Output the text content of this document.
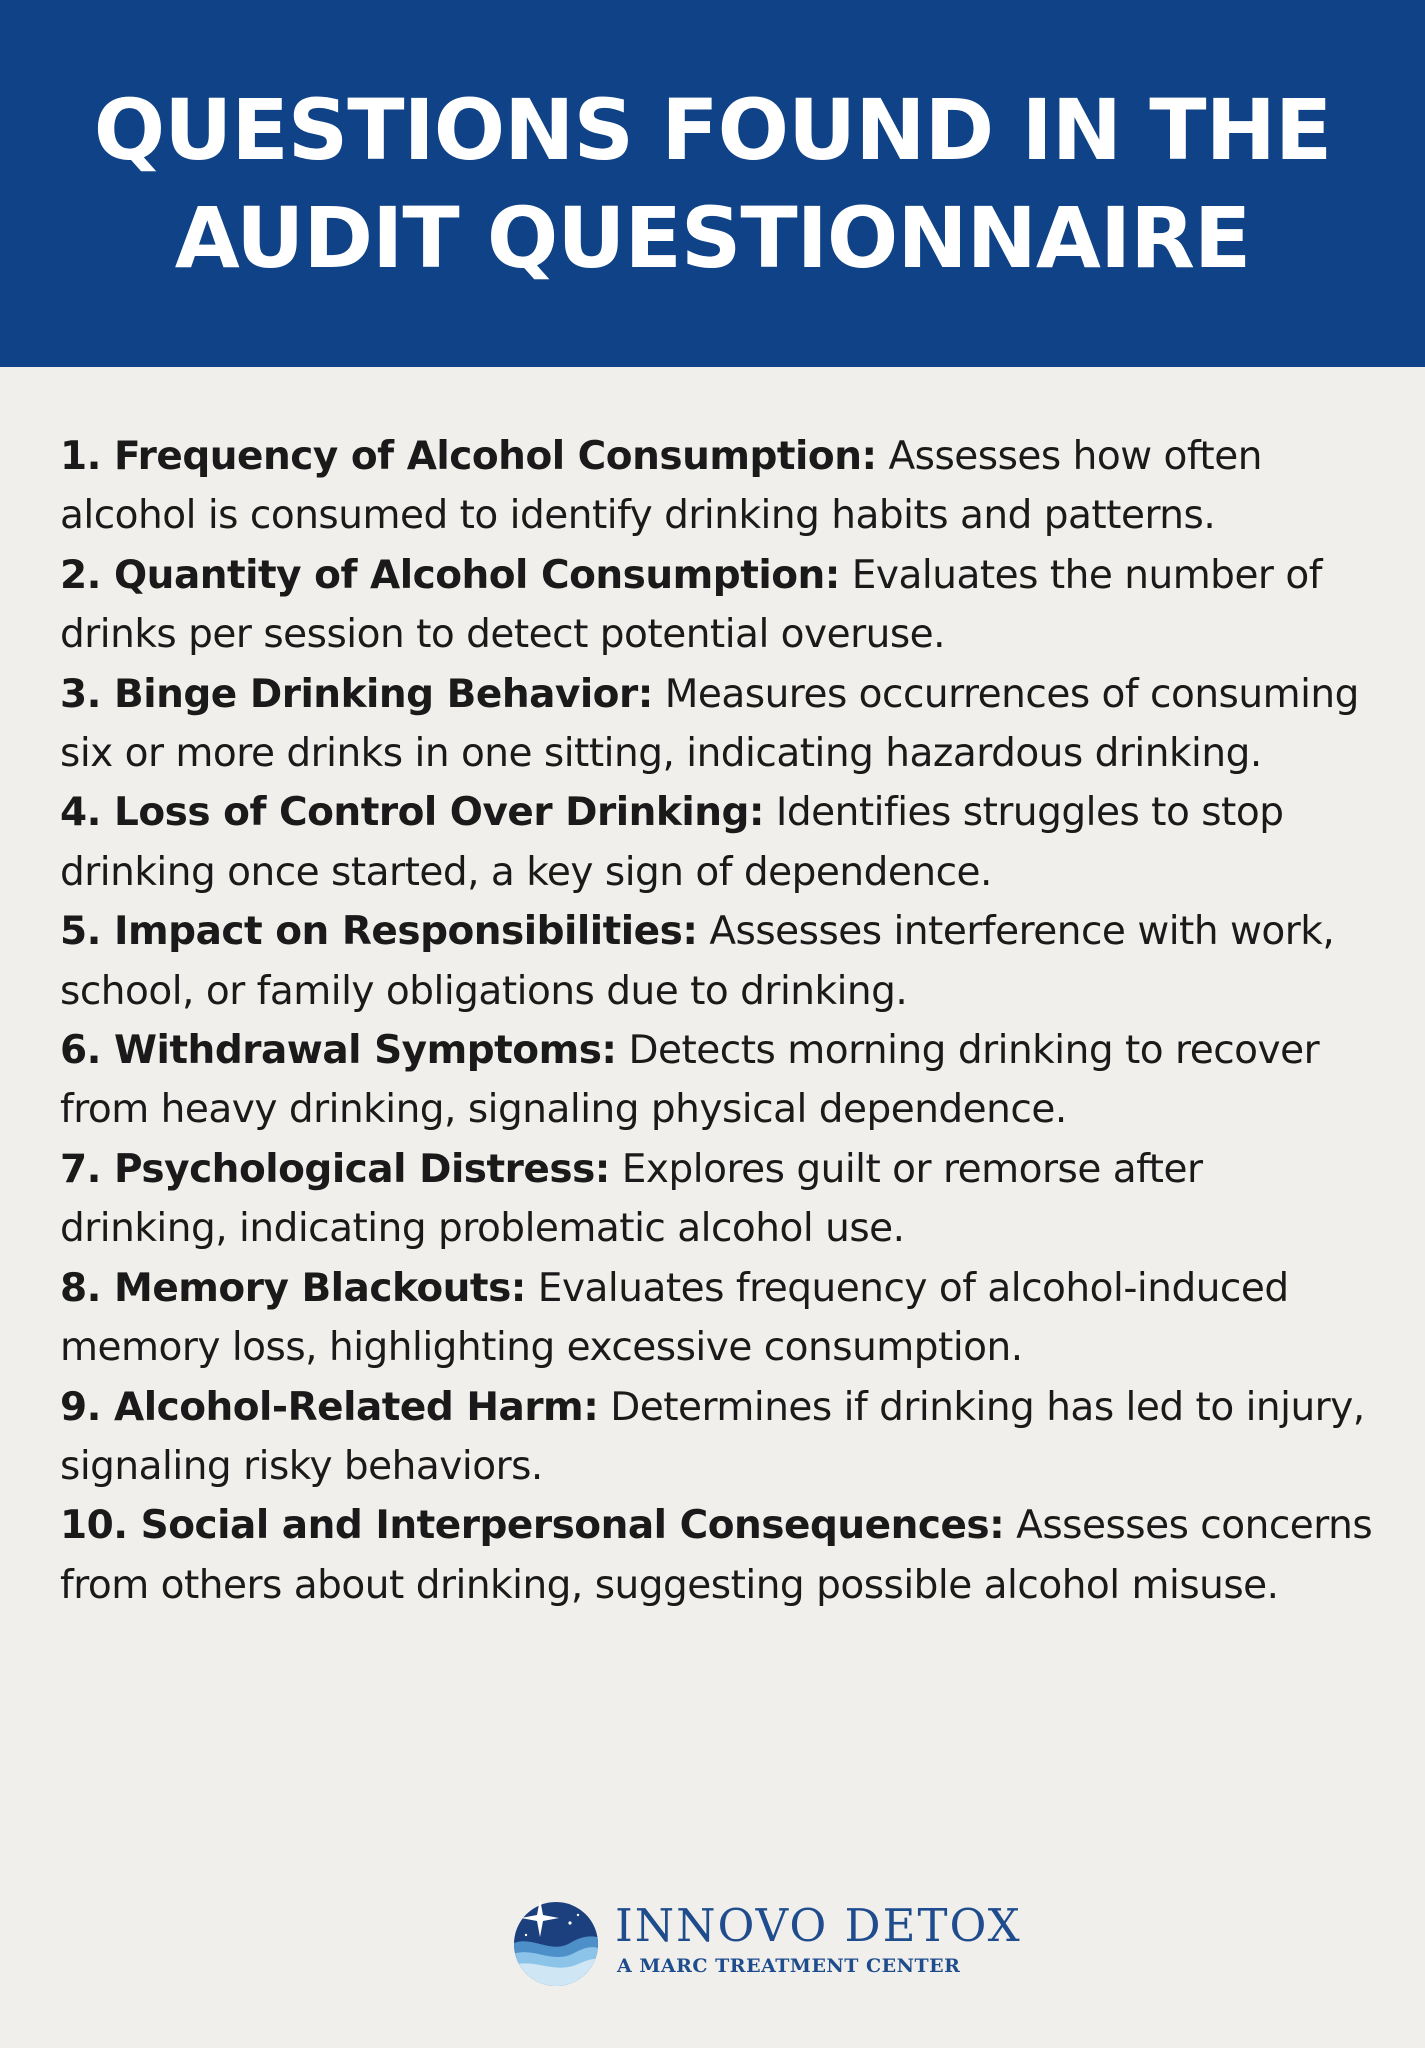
QUESTIONS FOUND IN THE
AUDIT QUESTIONNAIRE

1. Frequency of Alcohol Consumption: Assesses how often alcohol is consumed to identify drinking habits and patterns.

2. Quantity of Alcohol Consumption: Evaluates the number of drinks per session to detect potential overuse.

3. Binge Drinking Behavior: Measures occurrences of consuming six or more drinks in one sitting, indicating hazardous drinking.

4. Loss of Control Over Drinking: Identifies struggles to stop drinking once started, a key sign of dependence.

5. Impact on Responsibilities: Assesses interference with work, school, or family obligations due to drinking.

6. Withdrawal Symptoms: Detects morning drinking to recover from heavy drinking, signaling physical dependence.

7. Psychological Distress: Explores guilt or remorse after drinking, indicating problematic alcohol use.

8. Memory Blackouts: Evaluates frequency of alcohol-induced memory loss, highlighting excessive consumption.

9. Alcohol-Related Harm: Determines if drinking has led to injury, signaling risky behaviors.

10. Social and Interpersonal Consequences: Assesses concerns from others about drinking, suggesting possible alcohol misuse.

INNOVO DETOX
A MARC TREATMENT CENTER
